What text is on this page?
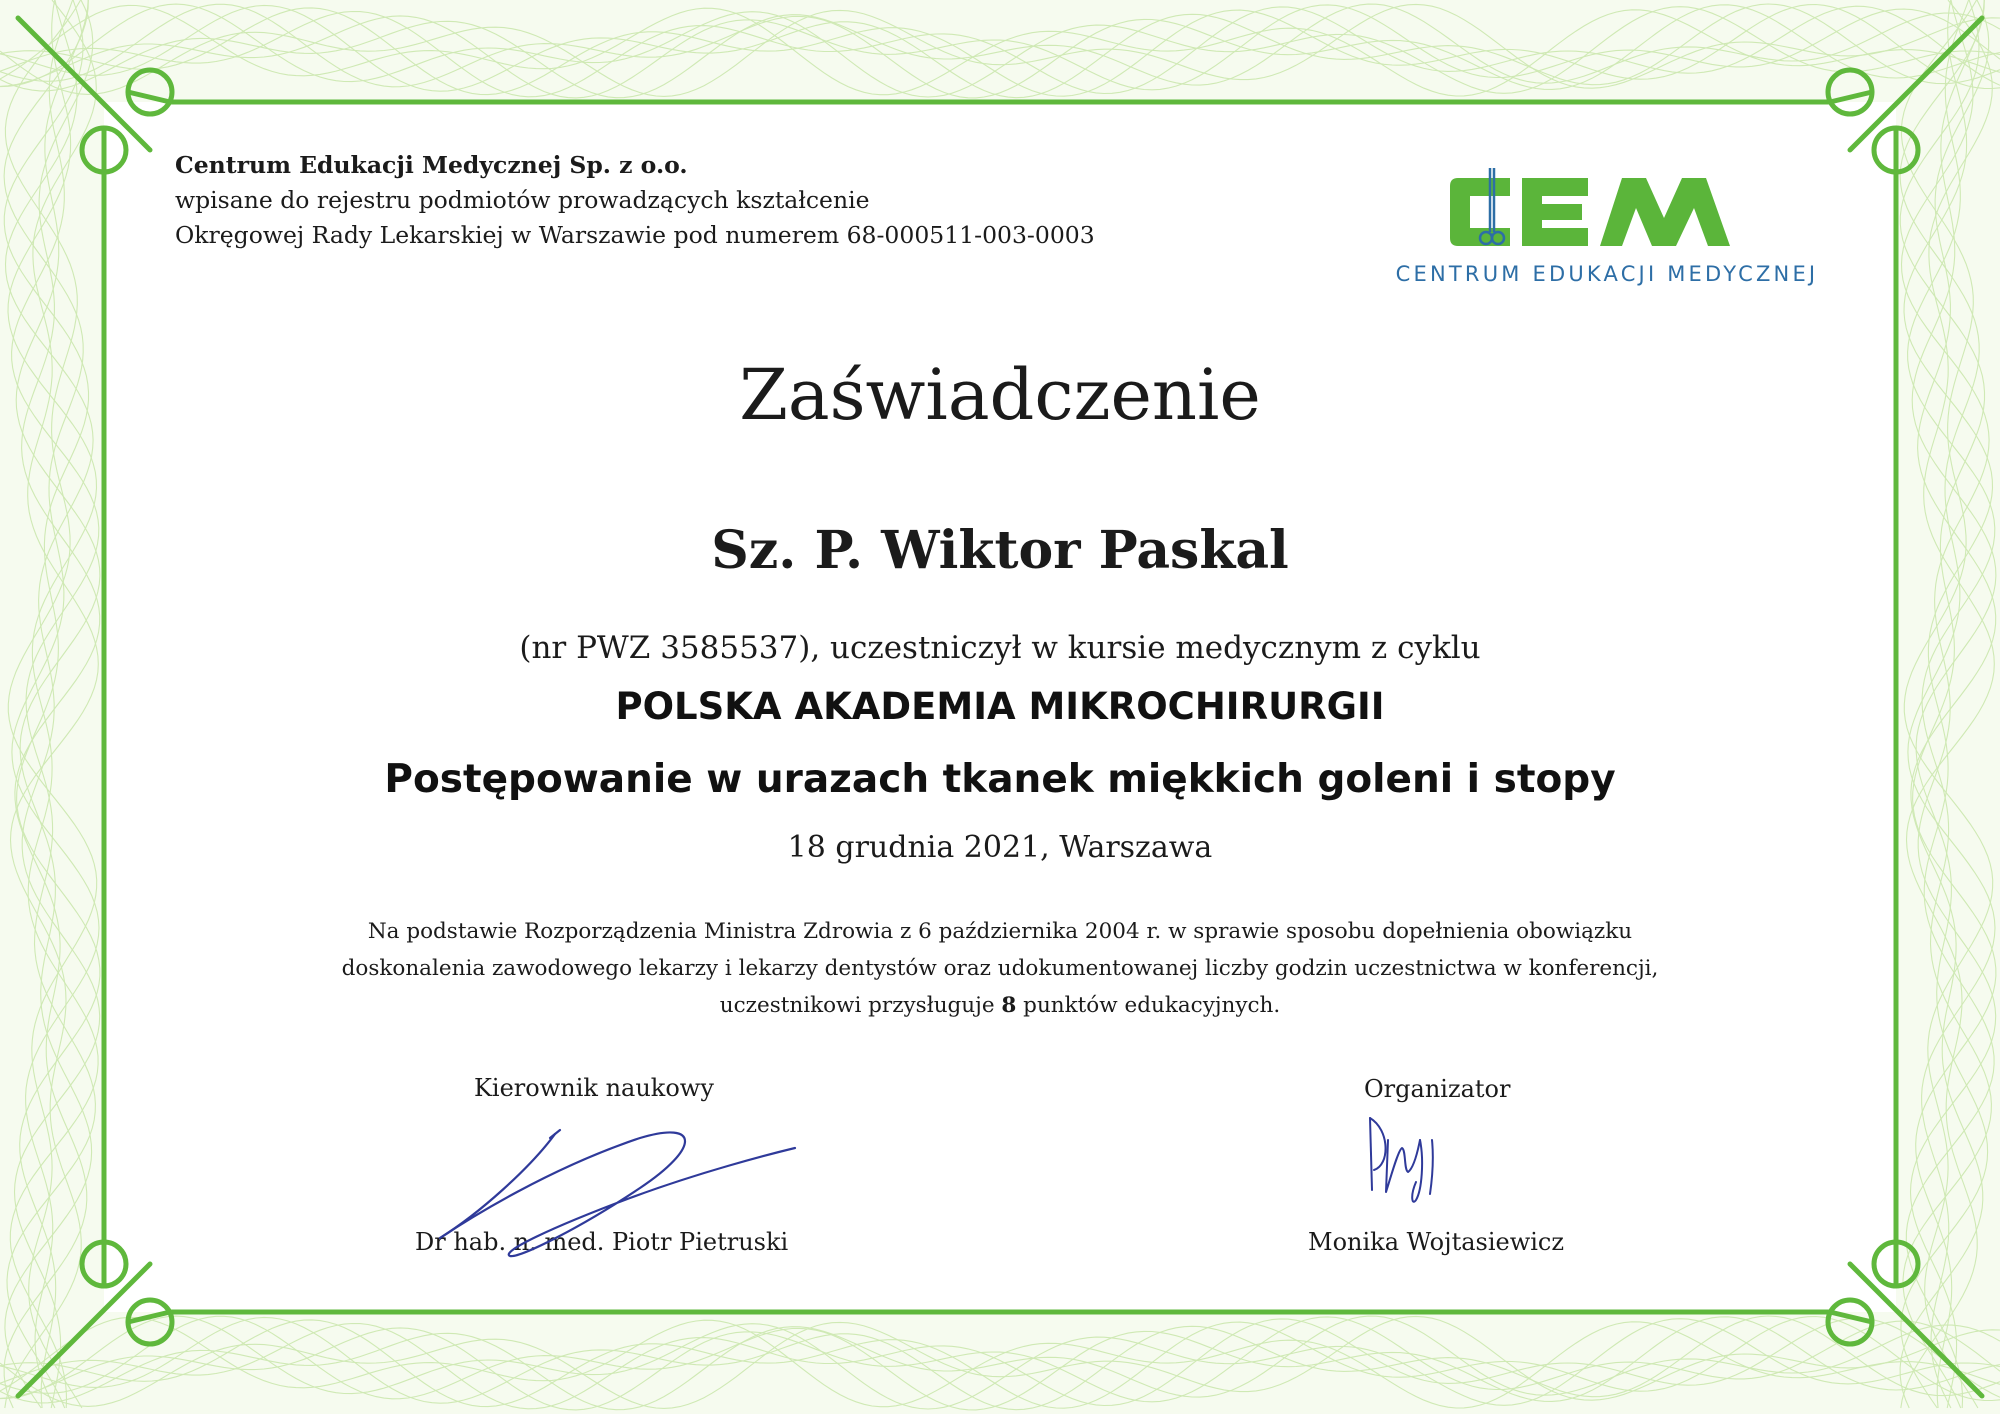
Centrum Edukacji Medycznej Sp. z o.o.
wpisane do rejestru podmiotów prowadzących kształcenie
Okręgowej Rady Lekarskiej w Warszawie pod numerem 68-000511-003-0003
CENTRUM EDUKACJI MEDYCZNEJ
Zaświadczenie
Sz. P. Wiktor Paskal
(nr PWZ 3585537), uczestniczył w kursie medycznym z cyklu
POLSKA AKADEMIA MIKROCHIRURGII
Postępowanie w urazach tkanek miękkich goleni i stopy
18 grudnia 2021, Warszawa
Na podstawie Rozporządzenia Ministra Zdrowia z 6 października 2004 r. w sprawie sposobu dopełnienia obowiązku
doskonalenia zawodowego lekarzy i lekarzy dentystów oraz udokumentowanej liczby godzin uczestnictwa w konferencji,
uczestnikowi przysługuje 8 punktów edukacyjnych.
Kierownik naukowy
Dr hab. n. med. Piotr Pietruski
Organizator
Monika Wojtasiewicz
